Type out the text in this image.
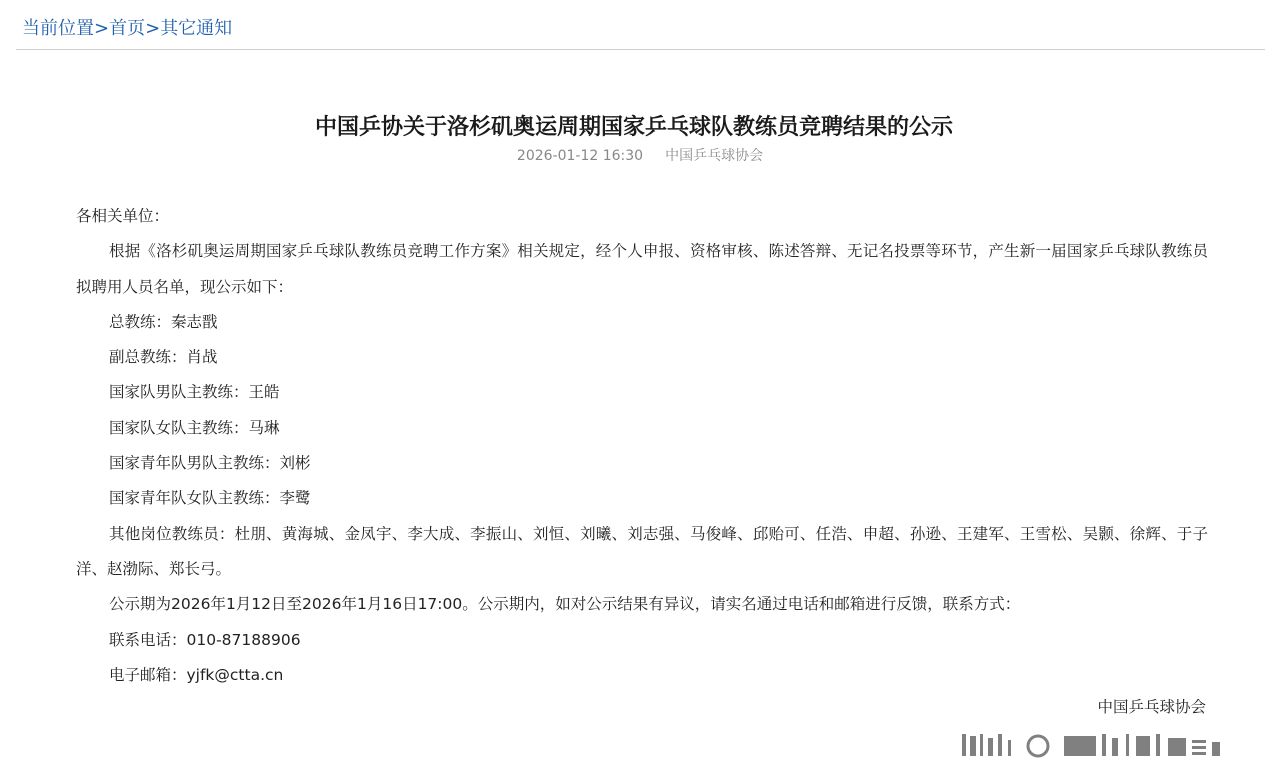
当前位置>首页>其它通知
中国乒协关于洛杉矶奥运周期国家乒乓球队教练员竞聘结果的公示
2026-01-12 16:30 中国乒乓球协会

各相关单位：

根据《洛杉矶奥运周期国家乒乓球队教练员竞聘工作方案》相关规定，经个人申报、资格审核、陈述答辩、无记名投票等环节，产生新一届国家乒乓球队教练员拟聘用人员名单，现公示如下：

总教练：秦志戬

副总教练：肖战

国家队男队主教练：王皓

国家队女队主教练：马琳

国家青年队男队主教练：刘彬

国家青年队女队主教练：李鹭

其他岗位教练员：杜朋、黄海城、金凤宇、李大成、李振山、刘恒、刘曦、刘志强、马俊峰、邱贻可、任浩、申超、孙逊、王建军、王雪松、吴颢、徐辉、于子洋、赵渤际、郑长弓。

公示期为2026年1月12日至2026年1月16日17:00。公示期内，如对公示结果有异议，请实名通过电话和邮箱进行反馈，联系方式：

联系电话：010-87188906

电子邮箱：yjfk@ctta.cn

中国乒乓球协会
